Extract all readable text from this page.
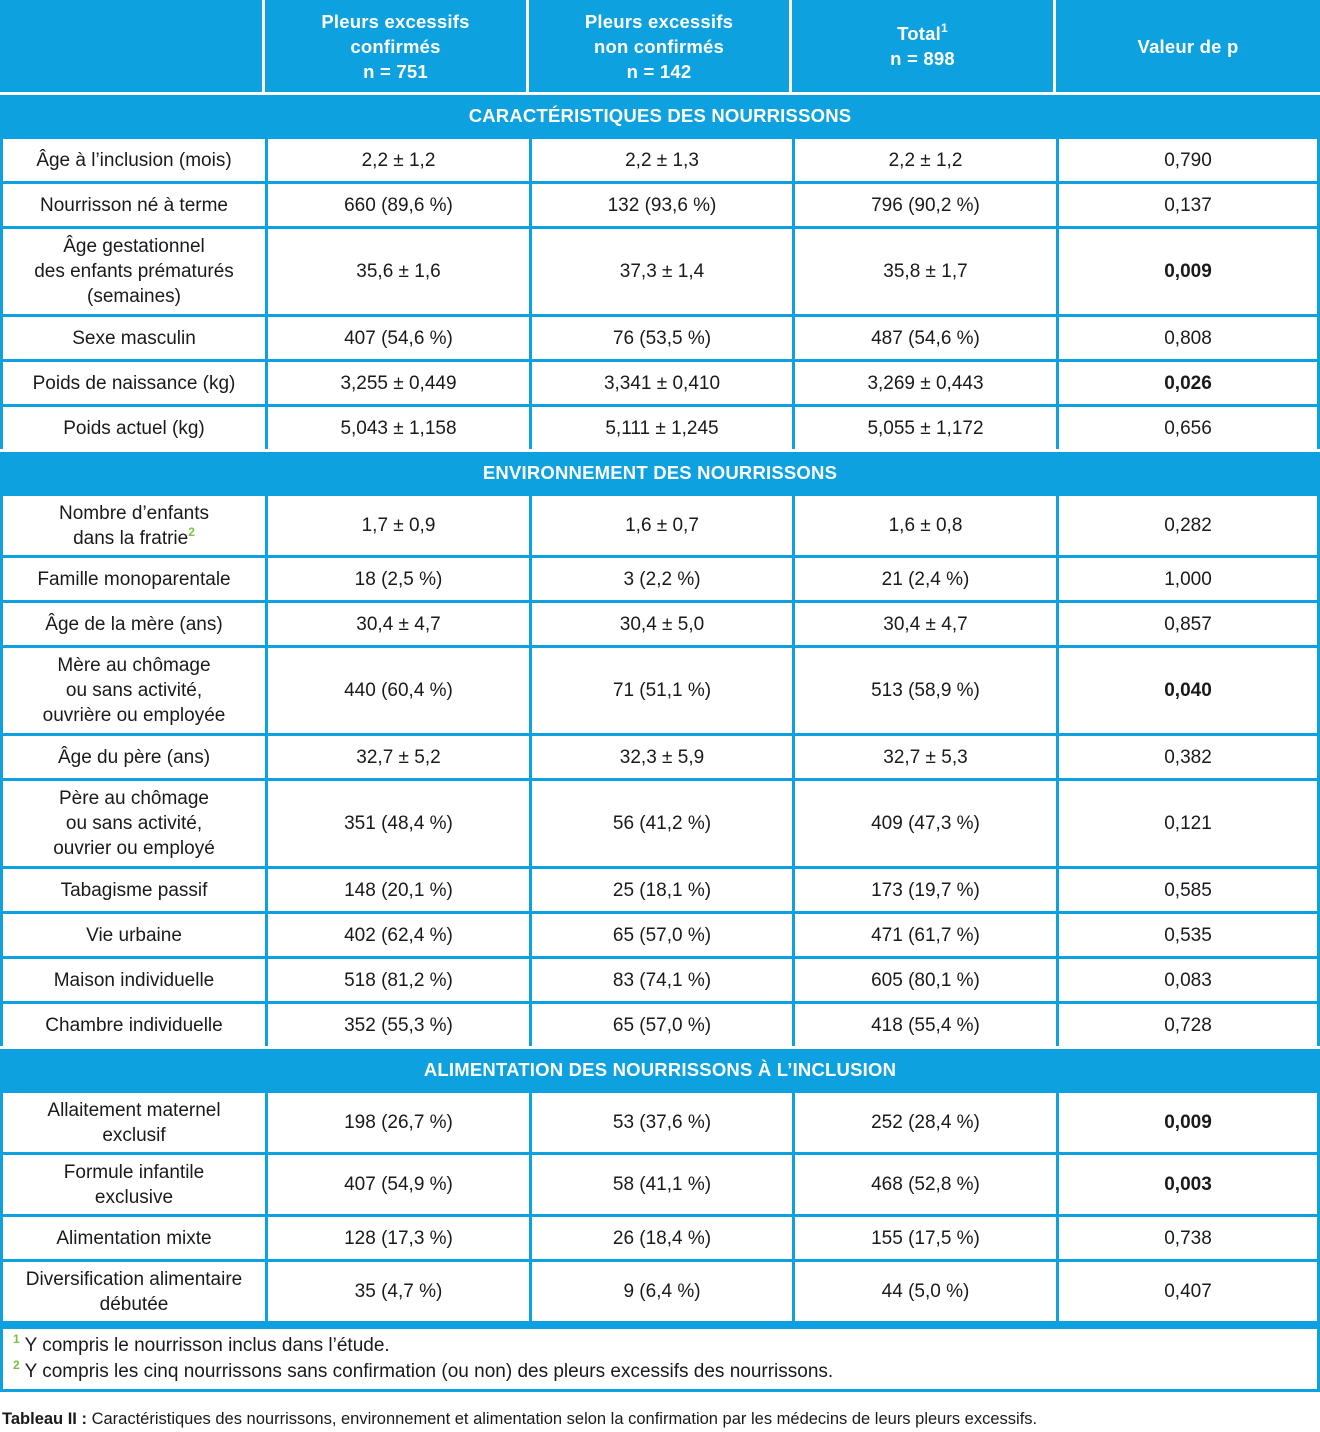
	Pleurs excessifs
confirmés
n = 751	Pleurs excessifs
non confirmés
n = 142	Total$^1$
n = 898	Valeur de p
CARACTÉRISTIQUES DES NOURRISSONS				
Âge à l’inclusion (mois)	2,2 ± 1,2	2,2 ± 1,3	2,2 ± 1,2	0,790
Nourrisson né à terme	660 (89,6 %)	132 (93,6 %)	796 (90,2 %)	0,137
Âge gestationnel
des enfants prématurés
(semaines)	35,6 ± 1,6	37,3 ± 1,4	35,8 ± 1,7	0,009
Sexe masculin	407 (54,6 %)	76 (53,5 %)	487 (54,6 %)	0,808
Poids de naissance (kg)	3,255 ± 0,449	3,341 ± 0,410	3,269 ± 0,443	0,026
Poids actuel (kg)	5,043 ± 1,158	5,111 ± 1,245	5,055 ± 1,172	0,656
ENVIRONNEMENT DES NOURRISSONS				
Nombre d’enfants
dans la fratrie$^2$	1,7 ± 0,9	1,6 ± 0,7	1,6 ± 0,8	0,282
Famille monoparentale	18 (2,5 %)	3 (2,2 %)	21 (2,4 %)	1,000
Âge de la mère (ans)	30,4 ± 4,7	30,4 ± 5,0	30,4 ± 4,7	0,857
Mère au chômage
ou sans activité,
ouvrière ou employée	440 (60,4 %)	71 (51,1 %)	513 (58,9 %)	0,040
Âge du père (ans)	32,7 ± 5,2	32,3 ± 5,9	32,7 ± 5,3	0,382
Père au chômage
ou sans activité,
ouvrier ou employé	351 (48,4 %)	56 (41,2 %)	409 (47,3 %)	0,121
Tabagisme passif	148 (20,1 %)	25 (18,1 %)	173 (19,7 %)	0,585
Vie urbaine	402 (62,4 %)	65 (57,0 %)	471 (61,7 %)	0,535
Maison individuelle	518 (81,2 %)	83 (74,1 %)	605 (80,1 %)	0,083
Chambre individuelle	352 (55,3 %)	65 (57,0 %)	418 (55,4 %)	0,728
ALIMENTATION DES NOURRISSONS À L’INCLUSION				
Allaitement maternel
exclusif	198 (26,7 %)	53 (37,6 %)	252 (28,4 %)	0,009
Formule infantile
exclusive	407 (54,9 %)	58 (41,1 %)	468 (52,8 %)	0,003
Alimentation mixte	128 (17,3 %)	26 (18,4 %)	155 (17,5 %)	0,738
Diversification alimentaire
débutée	35 (4,7 %)	9 (6,4 %)	44 (5,0 %)	0,407
$^1$ Y compris le nourrisson inclus dans l’étude.
$^2$ Y compris les cinq nourrissons sans confirmation (ou non) des pleurs excessifs des nourrissons.
Tableau II : Caractéristiques des nourrissons, environnement et alimentation selon la confirmation par les médecins de leurs pleurs excessifs.
